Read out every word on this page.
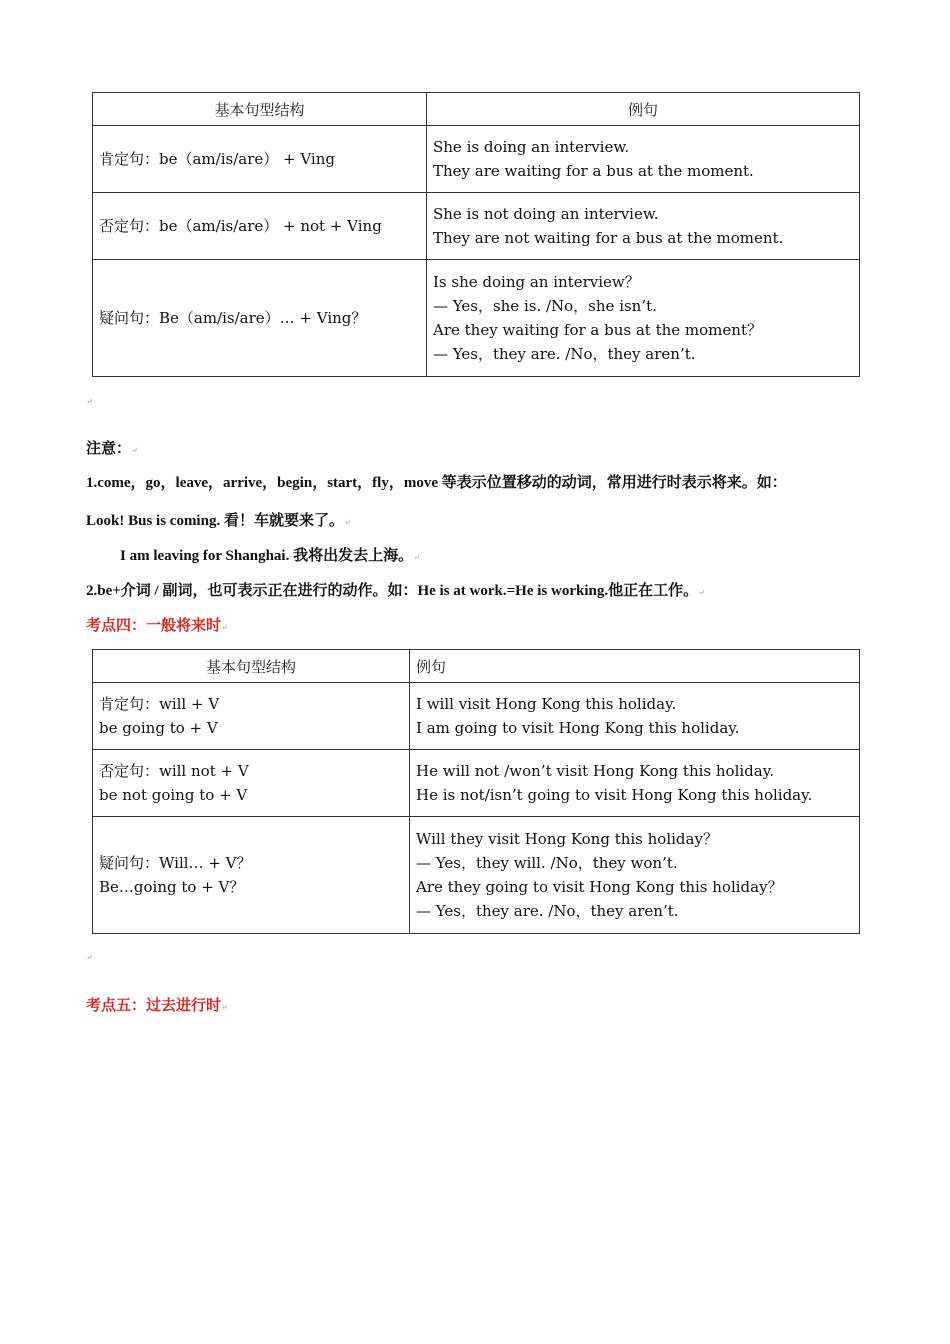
基本句型结构	例句

肯定句：be（am/is/are） + Ving	She is doing an interview.
They are waiting for a bus at the moment.

否定句：be（am/is/are） + not + Ving	She is not doing an interview.
They are not waiting for a bus at the moment.

疑问句：Be（am/is/are）… + Ving？	Is she doing an interview？
— Yes，she is. /No，she isn’t.
Are they waiting for a bus at the moment？
— Yes，they are. /No，they aren’t.
↵
注意：↵
1.come，go，leave，arrive，begin，start，fly，move 等表示位置移动的动词，常用进行时表示将来。如：
Look! Bus is coming. 看！车就要来了。↵
I am leaving for Shanghai. 我将出发去上海。↵
2.be+介词 / 副词，也可表示正在进行的动作。如：He is at work.=He is working.他正在工作。↵
考点四：一般将来时↵
基本句型结构	例句

肯定句：will + V
be going to + V	I will visit Hong Kong this holiday.
I am going to visit Hong Kong this holiday.

否定句：will not + V
be not going to + V	He will not /won’t visit Hong Kong this holiday.
He is not/isn’t going to visit Hong Kong this holiday.

疑问句：Will… + V？
Be…going to + V？	Will they visit Hong Kong this holiday？
— Yes，they will. /No，they won’t.
Are they going to visit Hong Kong this holiday？
— Yes，they are. /No，they aren’t.
↵
考点五：过去进行时↵
